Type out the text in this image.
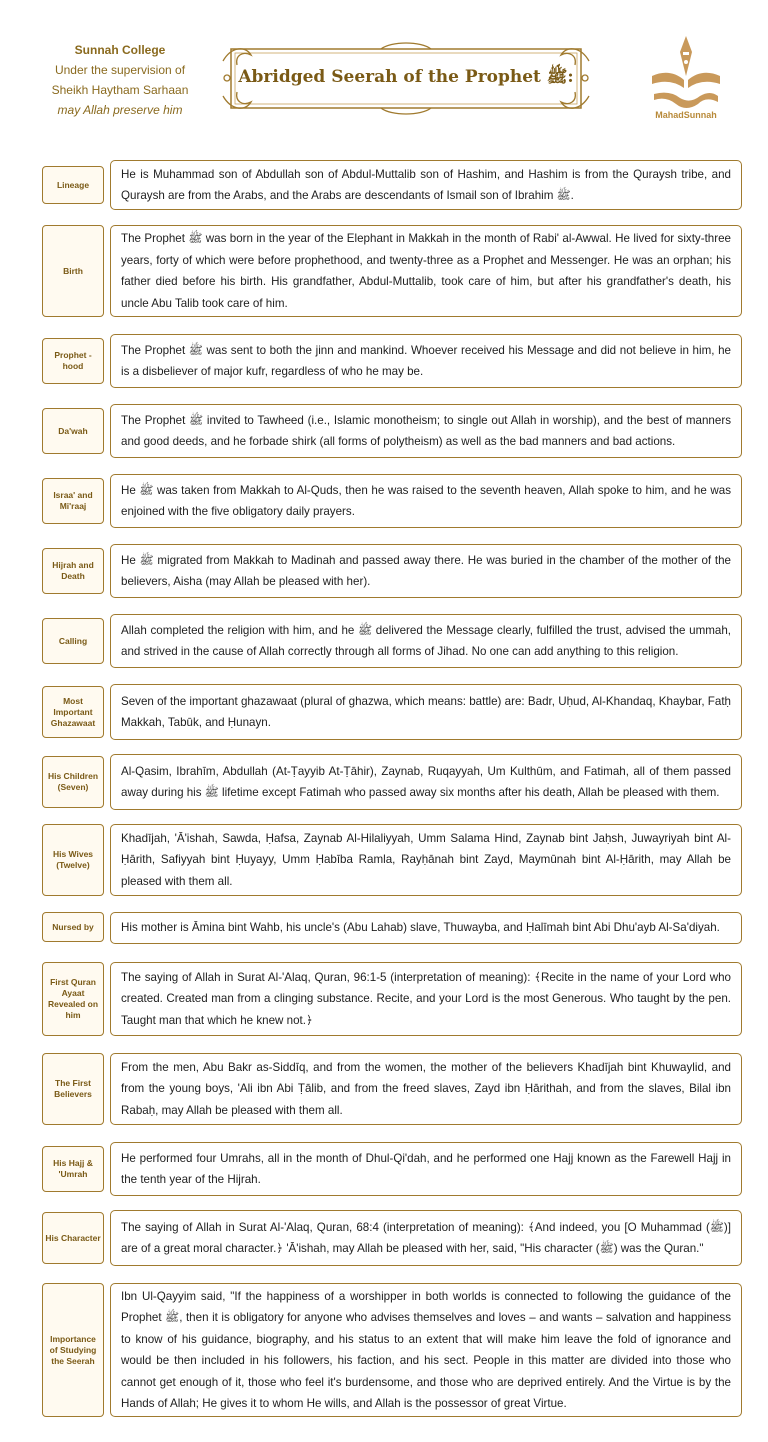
Sunnah College
Under the supervision of
Sheikh Haytham Sarhaan
may Allah preserve him
Abridged Seerah of the Prophet ﷺ:
MahadSunnah
Lineage
He is Muhammad son of Abdullah son of Abdul-Muttalib son of Hashim, and Hashim is from the Quraysh tribe, and Quraysh are from the Arabs, and the Arabs are descendants of Ismail son of Ibrahim ﷺ.
Birth
The Prophet ﷺ was born in the year of the Elephant in Makkah in the month of Rabi' al-Awwal. He lived for sixty-three years, forty of which were before prophethood, and twenty-three as a Prophet and Messenger. He was an orphan; his father died before his birth. His grandfather, Abdul-Muttalib, took care of him, but after his grandfather's death, his uncle Abu Talib took care of him.
Prophet -hood
The Prophet ﷺ was sent to both the jinn and mankind. Whoever received his Message and did not believe in him, he is a disbeliever of major kufr, regardless of who he may be.
Da'wah
The Prophet ﷺ invited to Tawheed (i.e., Islamic monotheism; to single out Allah in worship), and the best of manners and good deeds, and he forbade shirk (all forms of polytheism) as well as the bad manners and bad actions.
Israa' and Mi'raaj
He ﷺ was taken from Makkah to Al-Quds, then he was raised to the seventh heaven, Allah spoke to him, and he was enjoined with the five obligatory daily prayers.
Hijrah and Death
He ﷺ migrated from Makkah to Madinah and passed away there. He was buried in the chamber of the mother of the believers, Aisha (may Allah be pleased with her).
Calling
Allah completed the religion with him, and he ﷺ delivered the Message clearly, fulfilled the trust, advised the ummah, and strived in the cause of Allah correctly through all forms of Jihad. No one can add anything to this religion.
Most Important Ghazawaat
Seven of the important ghazawaat (plural of ghazwa, which means: battle) are: Badr, Uḥud, Al-Khandaq, Khaybar, Fatḥ Makkah, Tabūk, and Ḥunayn.
His Children (Seven)
Al-Qasim, Ibrahīm, Abdullah (At-Ṭayyib At-Ṭāhir), Zaynab, Ruqayyah, Um Kulthūm, and Fatimah, all of them passed away during his ﷺ lifetime except Fatimah who passed away six months after his death, Allah be pleased with them.
His Wives (Twelve)
Khadījah, 'Ā'ishah, Sawda, Ḥafsa, Zaynab Al-Hilaliyyah, Umm Salama Hind, Zaynab bint Jaḥsh, Juwayriyah bint Al-Ḥārith, Safiyyah bint Ḥuyayy, Umm Ḥabība Ramla, Rayḥānah bint Zayd, Maymūnah bint Al-Ḥārith, may Allah be pleased with them all.
Nursed by	His mother is Āmina bint Wahb, his uncle's (Abu Lahab) slave, Thuwayba, and Ḥalīmah bint Abi Dhu'ayb Al-Sa'diyah.
First Quran Ayaat Revealed on him
The saying of Allah in Surat Al-'Alaq, Quran, 96:1-5 (interpretation of meaning): ﴾Recite in the name of your Lord who created. Created man from a clinging substance. Recite, and your Lord is the most Generous. Who taught by the pen. Taught man that which he knew not.﴿
The First Believers
From the men, Abu Bakr as-Siddīq, and from the women, the mother of the believers Khadījah bint Khuwaylid, and from the young boys, 'Ali ibn Abi Ṭālib, and from the freed slaves, Zayd ibn Ḥārithah, and from the slaves, Bilal ibn Rabaḥ, may Allah be pleased with them all.
His Hajj & 'Umrah
He performed four Umrahs, all in the month of Dhul-Qi'dah, and he performed one Hajj known as the Farewell Hajj in the tenth year of the Hijrah.
His Character
The saying of Allah in Surat Al-'Alaq, Quran, 68:4 (interpretation of meaning): ﴾And indeed, you [O Muhammad (ﷺ)] are of a great moral character.﴿ 'Ā'ishah, may Allah be pleased with her, said, "His character (ﷺ) was the Quran."
Importance of Studying the Seerah
Ibn Ul-Qayyim said, "If the happiness of a worshipper in both worlds is connected to following the guidance of the Prophet ﷺ, then it is obligatory for anyone who advises themselves and loves – and wants – salvation and happiness to know of his guidance, biography, and his status to an extent that will make him leave the fold of ignorance and would be then included in his followers, his faction, and his sect. People in this matter are divided into those who cannot get enough of it, those who feel it's burdensome, and those who are deprived entirely. And the Virtue is by the Hands of Allah; He gives it to whom He wills, and Allah is the possessor of great Virtue.
